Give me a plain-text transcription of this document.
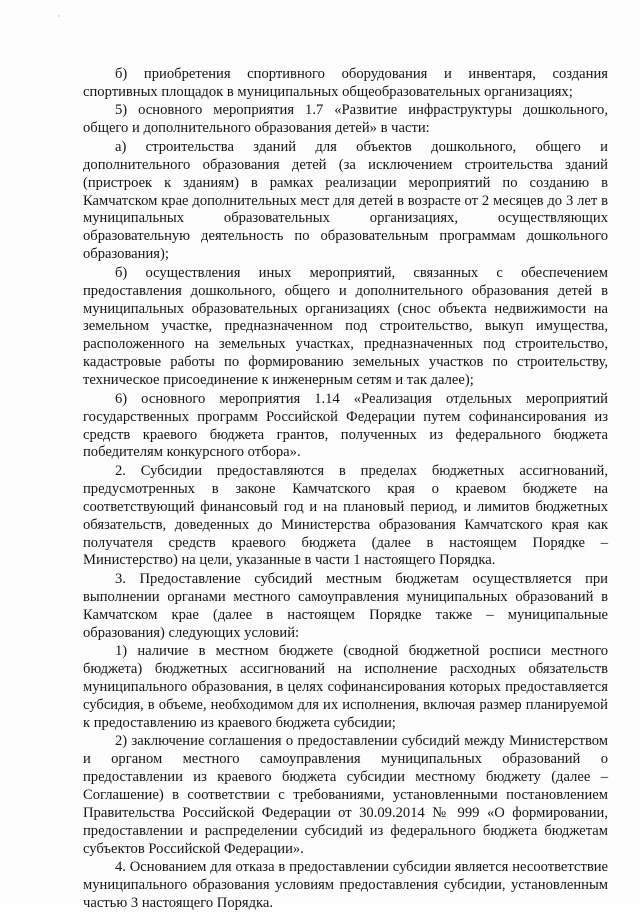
'

б) приобретения спортивного оборудования и инвентаря, создания спортивных площадок в муниципальных общеобразовательных организациях;

5) основного мероприятия 1.7 «Развитие инфраструктуры дошкольного, общего и дополнительного образования детей» в части:

а) строительства зданий для объектов дошкольного, общего и дополнительного образования детей (за исключением строительства зданий (пристроек к зданиям) в рамках реализации мероприятий по созданию в Камчатском крае дополнительных мест для детей в возрасте от 2 месяцев до 3 лет в муниципальных образовательных организациях, осуществляющих образовательную деятельность по образовательным программам дошкольного образования);

б) осуществления иных мероприятий, связанных с обеспечением предоставления дошкольного, общего и дополнительного образования детей в муниципальных образовательных организациях (снос объекта недвижимости на земельном участке, предназначенном под строительство, выкуп имущества, расположенного на земельных участках, предназначенных под строительство, кадастровые работы по формированию земельных участков по строительству, техническое присоединение к инженерным сетям и так далее);

6) основного мероприятия 1.14 «Реализация отдельных мероприятий государственных программ Российской Федерации путем софинансирования из средств краевого бюджета грантов, полученных из федерального бюджета победителям конкурсного отбора».

2. Субсидии предоставляются в пределах бюджетных ассигнований, предусмотренных в законе Камчатского края о краевом бюджете на соответствующий финансовый год и на плановый период, и лимитов бюджетных обязательств, доведенных до Министерства образования Камчатского края как получателя средств краевого бюджета (далее в настоящем Порядке – Министерство) на цели, указанные в части 1 настоящего Порядка.

3. Предоставление субсидий местным бюджетам осуществляется при выполнении органами местного самоуправления муниципальных образований в Камчатском крае (далее в настоящем Порядке также – муниципальные образования) следующих условий:

1) наличие в местном бюджете (сводной бюджетной росписи местного бюджета) бюджетных ассигнований на исполнение расходных обязательств муниципального образования, в целях софинансирования которых предоставляется субсидия, в объеме, необходимом для их исполнения, включая размер планируемой к предоставлению из краевого бюджета субсидии;

2) заключение соглашения о предоставлении субсидий между Министерством и органом местного самоуправления муниципальных образований о предоставлении из краевого бюджета субсидии местному бюджету (далее – Соглашение) в соответствии с требованиями, установленными постановлением Правительства Российской Федерации от 30.09.2014 № 999 «О формировании, предоставлении и распределении субсидий из федерального бюджета бюджетам субъектов Российской Федерации».

4. Основанием для отказа в предоставлении субсидии является несоответствие муниципального образования условиям предоставления субсидии, установленным частью 3 настоящего Порядка.
